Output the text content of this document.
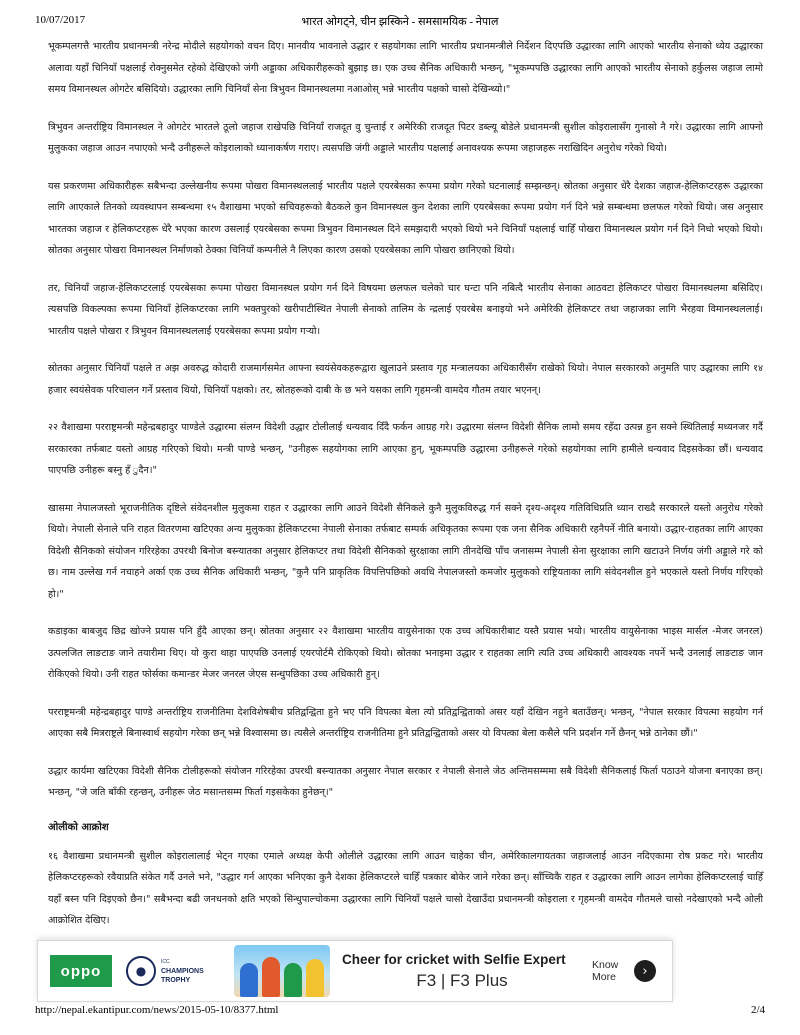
10/07/2017	भारत ओगट्ने, चीन झस्किने - समसामयिक - नेपाल

भूकम्पलगत्तै भारतीय प्रधानमन्त्री नरेन्द्र मोदीले सहयोगको वचन दिए। मानवीय भावनाले उद्धार र सहयोगका लागि भारतीय प्रधानमन्त्रीले निर्देशन दिएपछि उद्धारका लागि आएको भारतीय सेनाको ध्येय उद्धारका अलावा यहाँ चिनियाँ पक्षलाई रोक्नुसमेत रहेको देखिएको जंगी अड्डाका अधिकारीहरूको बुझाइ छ। एक उच्च सैनिक अधिकारी भन्छन्, "भूकम्पपछि उद्धारका लागि आएको भारतीय सेनाको हर्कुलस जहाज लामो समय विमानस्थल ओगटेर बसिदियो। उद्धारका लागि चिनियाँ सेना त्रिभुवन विमानस्थलमा नआओस् भन्ने भारतीय पक्षको चासो देखिन्थ्यो।"

त्रिभुवन अन्तर्राष्ट्रिय विमानस्थल ने ओगटेर भारतले ठूलो जहाज राखेपछि चिनियाँ राजदूत वु चुन्ताई र अमेरिकी राजदूत पिटर डब्ल्यू बोडेले प्रधानमन्त्री सुशील कोइरालासँग गुनासो नै गरे। उद्धारका लागि आफ्नो मुलुकका जहाज आउन नपाएको भन्दै उनीहरूले कोइरालाको ध्यानाकर्षण गराए। त्यसपछि जंगी अड्डाले भारतीय पक्षलाई अनावश्यक रूपमा जहाजहरू नराखिदिन अनुरोध गरेको थियो।

यस प्रकरणमा अधिकारीहरू सबैभन्दा उल्लेखनीय रूपमा पोखरा विमानस्थललाई भारतीय पक्षले एयरबेसका रूपमा प्रयोग गरेको घटनालाई सम्झन्छन्। स्रोतका अनुसार धेरै देशका जहाज-हेलिकप्टरहरू उद्धारका लागि आएकाले तिनको व्यवस्थापन सम्बन्धमा १५ वैशाखमा भएको सचिवहरूको बैठकले कुन विमानस्थल कुन देशका लागि एयरबेसका रूपमा प्रयोग गर्न दिने भन्ने सम्बन्धमा छलफल गरेको थियो। जस अनुसार भारतका जहाज र हेलिकप्टरहरू धेरै भएका कारण उसलाई एयरबेसका रूपमा त्रिभुवन विमानस्थल दिने समझदारी भएको थियो भने चिनियाँ पक्षलाई चाहिँ पोखरा विमानस्थल प्रयोग गर्न दिने निधो भएको थियो। स्रोतका अनुसार पोखरा विमानस्थल निर्माणको ठेक्का चिनियाँ कम्पनीले नै लिएका कारण उसको एयरबेसका लागि पोखरा छानिएको थियो।

तर, चिनियाँ जहाज-हेलिकप्टरलाई एयरबेसका रूपमा पोखरा विमानस्थल प्रयोग गर्न दिने विषयमा छलफल चलेको चार घन्टा पनि नबित्दै भारतीय सेनाका आठवटा हेलिकप्टर पोखरा विमानस्थलमा बसिदिए। त्यसपछि विकल्पका रूपमा चिनियाँ हेलिकप्टरका लागि भक्तपुरको खरीपाटीस्थित नेपाली सेनाको तालिम के न्द्रलाई एयरबेस बनाइयो भने अमेरिकी हेलिकप्टर तथा जहाजका लागि भैरहवा विमानस्थललाई। भारतीय पक्षले पोखरा र त्रिभुवन विमानस्थललाई एयरबेसका रूपमा प्रयोग गर्‍यो।

स्रोतका अनुसार चिनियाँ पक्षले त अझ अवरुद्ध कोदारी राजमार्गसमेत आफ्ना स्वयंसेवकहरूद्वारा खुलाउने प्रस्ताव गृह मन्त्रालयका अधिकारीसँग राखेको थियो। नेपाल सरकारको अनुमति पाए उद्धारका लागि १४ हजार स्वयंसेवक परिचालन गर्ने प्रस्ताव थियो, चिनियाँ पक्षको। तर, स्रोतहरूको दाबी के छ भने यसका लागि गृहमन्त्री वामदेव गौतम तयार भएनन्।

२२ वैशाखमा परराष्ट्रमन्त्री महेन्द्रबहादुर पाण्डेले उद्धारमा संलग्न विदेशी उद्धार टोलीलाई धन्यवाद दिँदै फर्कन आग्रह गरे। उद्धारमा संलग्न विदेशी सैनिक लामो समय रहँदा उत्पन्न हुन सक्ने स्थितिलाई मध्यनजर गर्दै सरकारका तर्फबाट यस्तो आग्रह गरिएको थियो। मन्त्री पाण्डे भन्छन्, "उनीहरू सहयोगका लागि आएका हुन्, भूकम्पपछि उद्धारमा उनीहरूले गरेको सहयोगका लागि हामीले धन्यवाद दिइसकेका छौं। धन्यवाद पाएपछि उनीहरू बस्नु हँ ुदैन।"

खासमा नेपालजस्तो भूराजनीतिक दृष्टिले संवेदनशील मुलुकमा राहत र उद्धारका लागि आउने विदेशी सैनिकले कुनै मुलुकविरुद्ध गर्न सक्ने दृश्य-अदृश्य गतिविधिप्रति ध्यान राख्दै सरकारले यस्तो अनुरोध गरेको थियो। नेपाली सेनाले पनि राहत वितरणमा खटिएका अन्य मुलुकका हेलिकप्टरमा नेपाली सेनाका तर्फबाट सम्पर्क अधिकृतका रूपमा एक जना सैनिक अधिकारी रहनैपर्ने नीति बनायो। उद्धार-राहतका लागि आएका विदेशी सैनिकको संयोजन गरिरहेका उपरथी बिनोज बस्न्यातका अनुसार हेलिकप्टर तथा विदेशी सैनिकको सुरक्षाका लागि तीनदेखि पाँच जनासम्म नेपाली सेना सुरक्षाका लागि खटाउने निर्णय जंगी अड्डाले गरे को छ। नाम उल्लेख गर्न नचाहने अर्का एक उच्च सैनिक अधिकारी भन्छन्, "कुनै पनि प्राकृतिक विपत्तिपछिको अवधि नेपालजस्तो कमजोर मुलुकको राष्ट्रियताका लागि संवेदनशील हुने भएकाले यस्तो निर्णय गरिएको हो।"

कडाइका बाबजुद छिद्र खोज्ने प्रयास पनि हुँदै आएका छन्। स्रोतका अनुसार २२ वैशाखमा भारतीय वायुसेनाका एक उच्च अधिकारीबाट यस्तै प्रयास भयो। भारतीय वायुसेनाका भाइस मार्सल -मेजर जनरल) उत्पलजित लाङटाङ जाने तयारीमा थिए। यो कुरा थाहा पाएपछि उनलाई एयरपोर्टमै रोकिएको थियो। स्रोतका भनाइमा उद्धार र राहतका लागि त्यति उच्च अधिकारी आवश्यक नपर्ने भन्दै उनलाई लाङटाङ जान रोकिएको थियो। उनी राहत फोर्सका कमान्डर मेजर जनरल जेएस सन्धुपछिका उच्च अधिकारी हुन्।

परराष्ट्रमन्त्री महेन्द्रबहादुर पाण्डे अन्तर्राष्ट्रिय राजनीतिमा देशविशेषबीच प्रतिद्वन्द्विता हुने भए पनि विपत्का बेला त्यो प्रतिद्वन्द्विताको असर यहाँ देखिन नहुने बताउँछन्। भन्छन्, "नेपाल सरकार विपत्मा सहयोग गर्न आएका सबै मित्रराष्ट्रले बिनास्वार्थ सहयोग गरेका छन् भन्ने विश्वासमा छ। त्यसैले अन्तर्राष्ट्रिय राजनीतिमा हुने प्रतिद्वन्द्विताको असर यो विपत्का बेला कसैले पनि प्रदर्शन गर्ने छैनन् भन्ने ठानेका छौं।"

उद्धार कार्यमा खटिएका विदेशी सैनिक टोलीहरूको संयोजन गरिरहेका उपरथी बस्न्यातका अनुसार नेपाल सरकार र नेपाली सेनाले जेठ अन्तिमसम्ममा सबै विदेशी सैनिकलाई फिर्ता पठाउने योजना बनाएका छन्। भन्छन्, "जे जति बाँकी रहन्छन्, उनीहरू जेठ मसान्तसम्म फिर्ता गइसकेका हुनेछन्।"

ओलीको आक्रोश

१६ वैशाखमा प्रधानमन्त्री सुशील कोइरालालाई भेट्न गएका एमाले अध्यक्ष केपी ओलीले उद्धारका लागि आउन चाहेका चीन, अमेरिकालगायतका जहाजलाई आउन नदिएकामा रोष प्रकट गरे। भारतीय हेलिकप्टरहरूको रवैयाप्रति संकेत गर्दै उनले भने, "उद्धार गर्न आएका भनिएका कुनै देशका हेलिकप्टरले चाहिँ पत्रकार बोकेर जाने गरेका छन्। साँच्चिकै राहत र उद्धारका लागि आउन लागेका हेलिकप्टरलाई चाहिँ यहाँ बस्न पनि दिइएको छैन।" सबैभन्दा बढी जनधनको क्षति भएको सिन्धुपाल्चोकमा उद्धारका लागि चिनियाँ पक्षले चासो देखाउँदा प्रधानमन्त्री कोइराला र गृहमन्त्री वामदेव गौतमले चासो नदेखाएको भन्दै ओली आक्रोशित देखिए।

oppo	●
ICC
CHAMPIONS
TROPHY
Cheer for cricket with Selfie Expert
F3 | F3 Plus
Know More	›
http://nepal.ekantipur.com/news/2015-05-10/8377.html	2/4
